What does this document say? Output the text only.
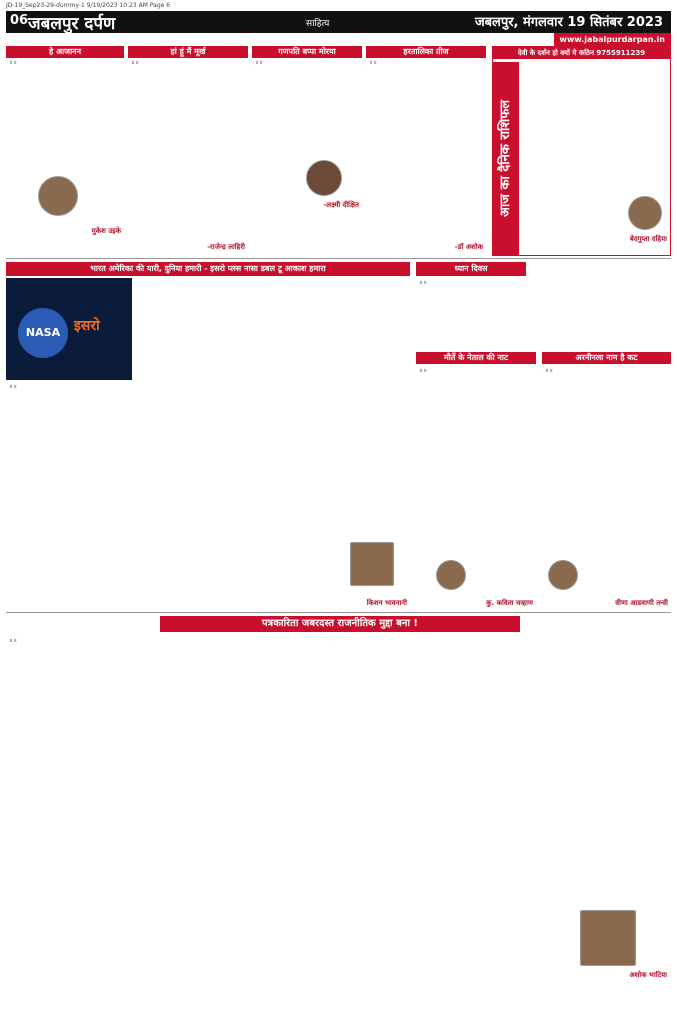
JD-19_Sep23-29-dummy-1 9/19/2023 10:23 AM Page 6
06 जबलपुर दर्पण	साहित्य	जबलपुर, मंगलवार 19 सितंबर 2023
www.jabalpurdarpan.in
हे आजानन
॥ ॥
मुकेश उइके
हां हूं मैं मूर्ख
॥ ॥
-राजेन्द्र लाहिरी
गणपति बप्पा मोरया
॥ ॥
-लक्ष्मी दीक्षित
हरतालिका तीज
॥ ॥
-डॉ अशोक
देवी के दर्शन हो क्यों ये कठिन 9755911239
आज का दैनिक राशिफल
बेदगुप्ता दहिया
भारत अमेरिका की यारी, दुनिया हमारी - इसरो प्लस नासा डबल टू आकाश हमारा
NASA इसरो
॥ ॥
किशन भावनानी
ध्यान दिवस
॥ ॥
मौर्ते के नेताल की नाट
॥ ॥
कु. कविता चव्हाण
अरनीनला नाम है कट
॥ ॥
वीणा आडवाणी तन्वी
पत्रकारिता जबरदस्त राजनीतिक मुद्दा बना !
॥ ॥
अशोक भाटिया
